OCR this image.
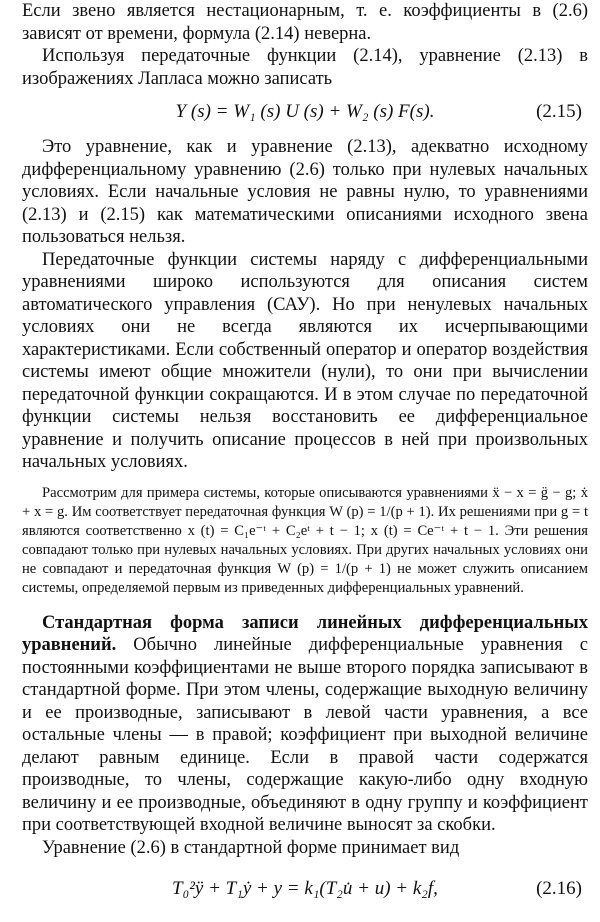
Если звено является нестационарным, т. е. коэффициенты в (2.6) зависят от времени, формула (2.14) неверна.

Используя передаточные функции (2.14), уравнение (2.13) в изображениях Лапласа можно записать

Y (s) = W₁ (s) U (s) + W₂ (s) F(s).	(2.15)

Это уравнение, как и уравнение (2.13), адекватно исходному дифференциальному уравнению (2.6) только при нулевых начальных условиях. Если начальные условия не равны нулю, то уравнениями (2.13) и (2.15) как математическими описаниями исходного звена пользоваться нельзя.

Передаточные функции системы наряду с дифференциальными уравнениями широко используются для описания систем автоматического управления (САУ). Но при ненулевых начальных условиях они не всегда являются их исчерпывающими характеристиками. Если собственный оператор и оператор воздействия системы имеют общие множители (нули), то они при вычислении передаточной функции сокращаются. И в этом случае по передаточной функции системы нельзя восстановить ее дифференциальное уравнение и получить описание процессов в ней при произвольных начальных условиях.

Рассмотрим для примера системы, которые описываются уравнениями ẍ − x = g̈ − g; ẋ + x = g. Им соответствует передаточная функция W (p) = 1/(p + 1). Их решениями при g = t являются соответственно x (t) = C₁e⁻ᵗ + C₂eᵗ + t − 1; x (t) = Ce⁻ᵗ + t − 1. Эти решения совпадают только при нулевых начальных условиях. При других начальных условиях они не совпадают и передаточная функция W (p) = 1/(p + 1) не может служить описанием системы, определяемой первым из приведенных дифференциальных уравнений.

Стандартная форма записи линейных дифференциальных уравнений. Обычно линейные дифференциальные уравнения с постоянными коэффициентами не выше второго порядка записывают в стандартной форме. При этом члены, содержащие выходную величину и ее производные, записывают в левой части уравнения, а все остальные члены — в правой; коэффициент при выходной величине делают равным единице. Если в правой части содержатся производные, то члены, содержащие какую-либо одну входную величину и ее производные, объединяют в одну группу и коэффициент при соответствующей входной величине выносят за скобки.

Уравнение (2.6) в стандартной форме принимает вид

T₀²ÿ + T₁ẏ + y = k₁(T₂u̇ + u) + k₂f,	(2.16)
